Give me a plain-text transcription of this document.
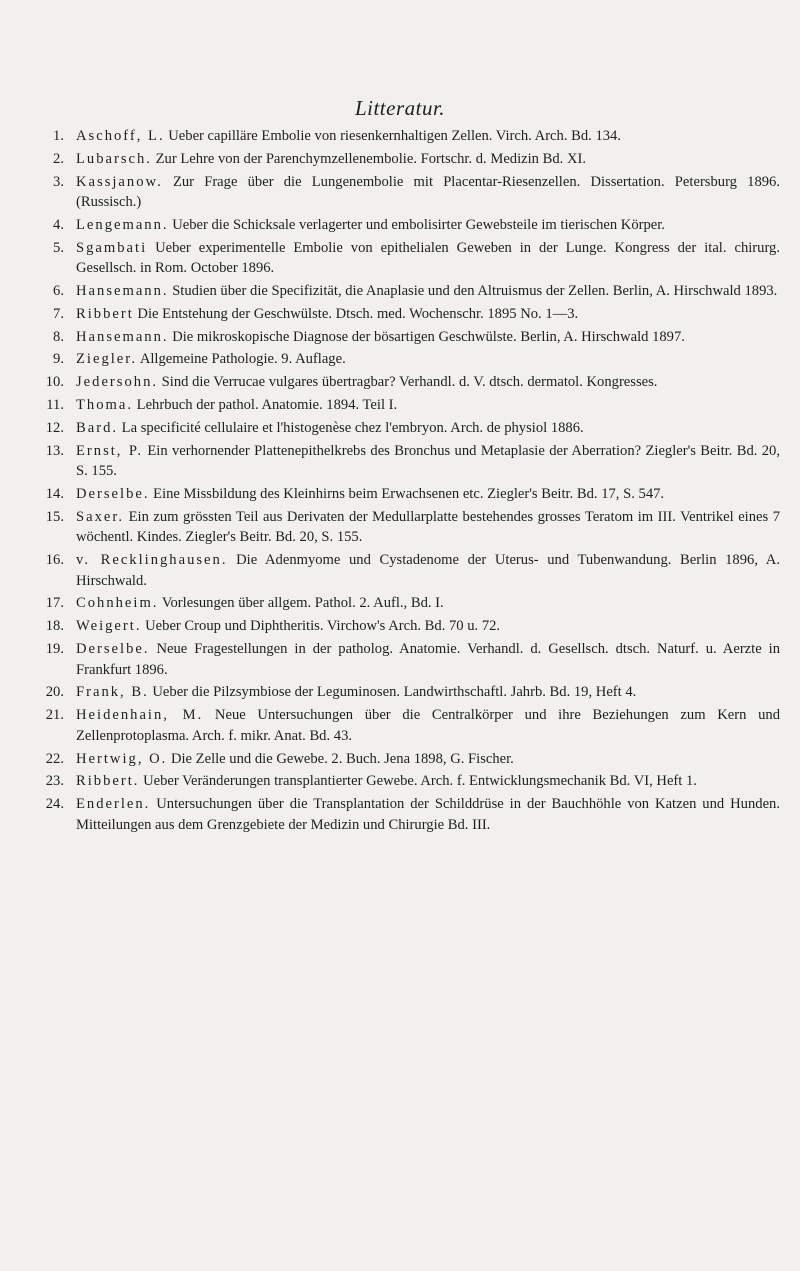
Litteratur.
1. Aschoff, L. Ueber capilläre Embolie von riesenkernhaltigen Zellen. Virch. Arch. Bd. 134.
2. Lubarsch. Zur Lehre von der Parenchymzellenembolie. Fortschr. d. Medizin Bd. XI.
3. Kassjanow. Zur Frage über die Lungenembolie mit Placentar-Riesenzellen. Dissertation. Petersburg 1896. (Russisch.)
4. Lengemann. Ueber die Schicksale verlagerter und embolisirter Gewebsteile im tierischen Körper.
5. Sgambati Ueber experimentelle Embolie von epithelialen Geweben in der Lunge. Kongress der ital. chirurg. Gesellsch. in Rom. October 1896.
6. Hansemann. Studien über die Specifizität, die Anaplasie und den Altruismus der Zellen. Berlin, A. Hirschwald 1893.
7. Ribbert Die Entstehung der Geschwülste. Dtsch. med. Wochenschr. 1895 No. 1—3.
8. Hansemann. Die mikroskopische Diagnose der bösartigen Geschwülste. Berlin, A. Hirschwald 1897.
9. Ziegler. Allgemeine Pathologie. 9. Auflage.
10. Jedersohn. Sind die Verrucae vulgares übertragbar? Verhandl. d. V. dtsch. dermatol. Kongresses.
11. Thoma. Lehrbuch der pathol. Anatomie. 1894. Teil I.
12. Bard. La specificité cellulaire et l'histogenèse chez l'embryon. Arch. de physiol 1886.
13. Ernst, P. Ein verhornender Plattenepithelkrebs des Bronchus und Metaplasie der Aberration? Ziegler's Beitr. Bd. 20, S. 155.
14. Derselbe. Eine Missbildung des Kleinhirns beim Erwachsenen etc. Ziegler's Beitr. Bd. 17, S. 547.
15. Saxer. Ein zum grössten Teil aus Derivaten der Medullarplatte bestehendes grosses Teratom im III. Ventrikel eines 7 wöchentl. Kindes. Ziegler's Beitr. Bd. 20, S. 155.
16. v. Recklinghausen. Die Adenmyome und Cystadenome der Uterus- und Tubenwandung. Berlin 1896, A. Hirschwald.
17. Cohnheim. Vorlesungen über allgem. Pathol. 2. Aufl., Bd. I.
18. Weigert. Ueber Croup und Diphtheritis. Virchow's Arch. Bd. 70 u. 72.
19. Derselbe. Neue Fragestellungen in der patholog. Anatomie. Verhandl. d. Gesellsch. dtsch. Naturf. u. Aerzte in Frankfurt 1896.
20. Frank, B. Ueber die Pilzsymbiose der Leguminosen. Landwirthschaftl. Jahrb. Bd. 19, Heft 4.
21. Heidenhain, M. Neue Untersuchungen über die Centralkörper und ihre Beziehungen zum Kern und Zellenprotoplasma. Arch. f. mikr. Anat. Bd. 43.
22. Hertwig, O. Die Zelle und die Gewebe. 2. Buch. Jena 1898, G. Fischer.
23. Ribbert. Ueber Veränderungen transplantierter Gewebe. Arch. f. Entwicklungsmechanik Bd. VI, Heft 1.
24. Enderlen. Untersuchungen über die Transplantation der Schilddrüse in der Bauchhöhle von Katzen und Hunden. Mitteilungen aus dem Grenzgebiete der Medizin und Chirurgie Bd. III.
